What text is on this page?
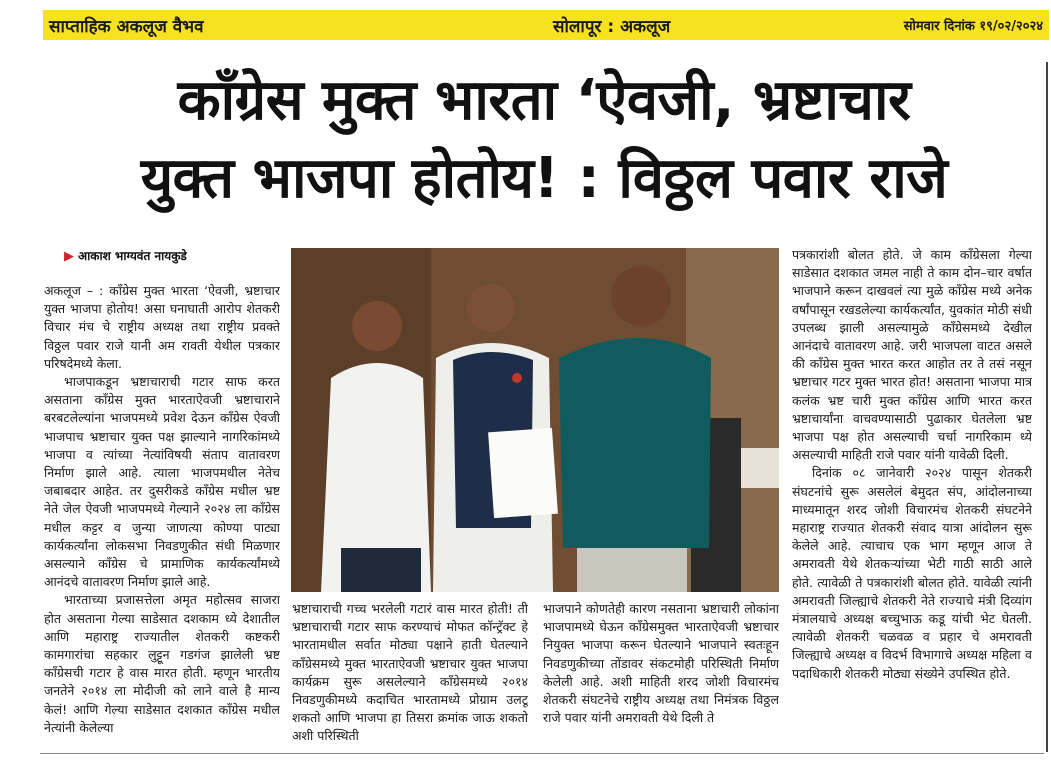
साप्ताहिक अकलूज वैभव	सोलापूर : अकलूज	सोमवार दिनांक १९/०२/२०२४
काँग्रेस मुक्त भारता ‘ऐवजी, भ्रष्टाचार
युक्त भाजपा होतोय! : विठ्ठल पवार राजे
▶ आकाश भाग्यवंत नायकुडे

अकलूज – : काँग्रेस मुक्त भारता ‘ऐवजी, भ्रष्टाचार युक्त भाजपा होतोय! असा घनाघाती आरोप शेतकरी विचार मंच चे राष्ट्रीय अध्यक्ष तथा राष्ट्रीय प्रवक्ते विठ्ठल पवार राजे यानी अम रावती येथील पत्रकार परिषदेमध्ये केला.

भाजपाकडून भ्रष्टाचाराची गटार साफ करत असताना काँग्रेस मुक्त भारताऐवजी भ्रष्टाचाराने बरबटलेल्यांना भाजपमध्ये प्रवेश देऊन काँग्रेस ऐवजी भाजपाच भ्रष्टाचार युक्त पक्ष झाल्याने नागरिकांमध्ये भाजपा व त्यांच्या नेत्यांविषयी संताप वातावरण निर्माण झाले आहे. त्याला भाजपमधील नेतेच जबाबदार आहेत. तर दुसरीकडे काँग्रेस मधील भ्रष्ट नेते जेल ऐवजी भाजपमध्ये गेल्याने २०२४ ला काँग्रेस मधील कट्टर व जुन्या जाणत्या कोण्या पाट्या कार्यकर्त्यांना लोकसभा निवडणुकीत संधी मिळणार असल्याने काँग्रेस चे प्रामाणिक कार्यकर्त्यांमध्ये आनंदचे वातावरण निर्माण झाले आहे.

भारताच्या प्रजासत्तेला अमृत महोत्सव साजरा होत असताना गेल्या साडेसात दशकाम ध्ये देशातील आणि महाराष्ट्र राज्यातील शेतकरी कष्टकरी कामगारांचा सहकार लुट्टून गडगंज झालेली भ्रष्ट काँग्रेसची गटार हे वास मारत होती. म्हणून भारतीय जनतेने २०१४ ला मोदीजी को लाने वाले है मान्य केलं! आणि गेल्या साडेसात दशकात काँग्रेस मधील नेत्यांनी केलेल्या

भ्रष्टाचाराची गच्च भरलेली गटारं वास मारत होती! ती भ्रष्टाचाराची गटार साफ करण्याचं मोफत कॉन्ट्रॅक्ट हे भारतामधील सर्वात मोठ्या पक्षाने हाती घेतल्याने काँग्रेसमध्ये मुक्त भारताऐवजी भ्रष्टाचार युक्त भाजपा कार्यक्रम सुरू असलेल्याने काँग्रेसमध्ये २०१४ निवडणुकीमध्ये कदाचित भारतामध्ये प्रोग्राम उलटू शकतो आणि भाजपा हा तिसरा क्रमांक जाऊ शकतो अशी परिस्थिती

भाजपाने कोणतेही कारण नसताना भ्रष्टाचारी लोकांना भाजपामध्ये घेऊन काँग्रेसमुक्त भारताऐवजी भ्रष्टाचार नियुक्त भाजपा करून घेतल्याने भाजपाने स्वतःहून निवडणुकीच्या तोंडावर संकटमोही परिस्थिती निर्माण केलेली आहे. अशी माहिती शरद जोशी विचारमंच शेतकरी संघटनेचे राष्ट्रीय अध्यक्ष तथा निमंत्रक विठ्ठल राजे पवार यांनी अमरावती येथे दिली ते

पत्रकारांशी बोलत होते. जे काम काँग्रेसला गेल्या साडेसात दशकात जमल नाही ते काम दोन–चार वर्षात भाजपाने करून दाखवलं त्या मुळे काँग्रेस मध्ये अनेक वर्षांपासून रखडलेल्या कार्यकर्त्यांत, युवकांत मोठी संधी उपलब्ध झाली असल्यामुळे काँग्रेसमध्ये देखील आनंदाचे वातावरण आहे. जरी भाजपला वाटत असले की काँग्रेस मुक्त भारत करत आहोत तर ते तसं नसून भ्रष्टाचार गटर मुक्त भारत होत! असताना भाजपा मात्र कलंक भ्रष्ट चारी मुक्त काँग्रेस आणि भारत करत भ्रष्टाचार्यांना वाचवण्यासाठी पुढाकार घेतलेला भ्रष्ट भाजपा पक्ष होत असल्याची चर्चा नागरिकाम ध्ये असल्याची माहिती राजे पवार यांनी यावेळी दिली.

दिनांक ०८ जानेवारी २०२४ पासून शेतकरी संघटनांचे सुरू असलेलं बेमुदत संप, आंदोलनाच्या माध्यमातून शरद जोशी विचारमंच शेतकरी संघटनेने महाराष्ट्र राज्यात शेतकरी संवाद यात्रा आंदोलन सुरू केलेले आहे. त्याचाच एक भाग म्हणून आज ते अमरावती येथे शेतकऱ्यांच्या भेटी गाठी साठी आले होते. त्यावेळी ते पत्रकारांशी बोलत होते. यावेळी त्यांनी अमरावती जिल्ह्याचे शेतकरी नेते राज्याचे मंत्री दिव्यांग मंत्रालयाचे अध्यक्ष बच्चुभाऊ कडू यांची भेट घेतली. त्यावेळी शेतकरी चळवळ व प्रहार चे अमरावती जिल्ह्याचे अध्यक्ष व विदर्भ विभागाचे अध्यक्ष महिला व पदाधिकारी शेतकरी मोठ्या संख्येने उपस्थित होते.
